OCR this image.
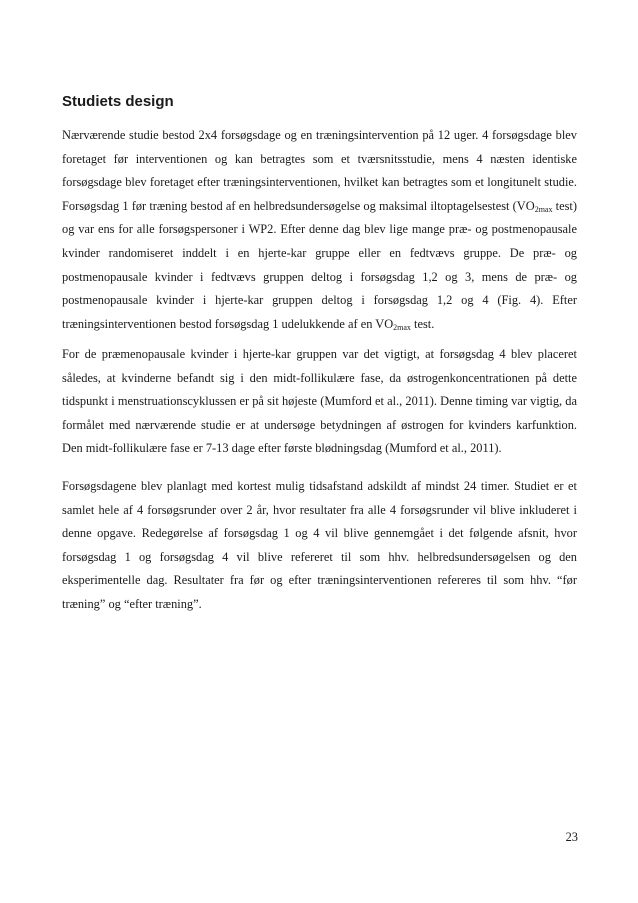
Studiets design

Nærværende studie bestod 2x4 forsøgsdage og en træningsintervention på 12 uger. 4 forsøgsdage blev foretaget før interventionen og kan betragtes som et tværsnitsstudie, mens 4 næsten identiske forsøgsdage blev foretaget efter træningsinterventionen, hvilket kan betragtes som et longitunelt studie. Forsøgsdag 1 før træning bestod af en helbredsundersøgelse og maksimal iltoptagelsestest ($VO_{2max}$ test) og var ens for alle forsøgspersoner i WP2. Efter denne dag blev lige mange præ- og postmenopausale kvinder randomiseret inddelt i en hjerte-kar gruppe eller en fedtvævs gruppe. De præ- og postmenopausale kvinder i fedtvævs gruppen deltog i forsøgsdag 1,2 og 3, mens de præ- og postmenopausale kvinder i hjerte-kar gruppen deltog i forsøgsdag 1,2 og 4 (Fig. 4). Efter træningsinterventionen bestod forsøgsdag 1 udelukkende af en $VO_{2max}$ test.

For de præmenopausale kvinder i hjerte-kar gruppen var det vigtigt, at forsøgsdag 4 blev placeret således, at kvinderne befandt sig i den midt-follikulære fase, da østrogenkoncentrationen på dette tidspunkt i menstruationscyklussen er på sit højeste (Mumford et al., 2011). Denne timing var vigtig, da formålet med nærværende studie er at undersøge betydningen af østrogen for kvinders karfunktion. Den midt-follikulære fase er 7-13 dage efter første blødningsdag (Mumford et al., 2011).

Forsøgsdagene blev planlagt med kortest mulig tidsafstand adskildt af mindst 24 timer. Studiet er et samlet hele af 4 forsøgsrunder over 2 år, hvor resultater fra alle 4 forsøgsrunder vil blive inkluderet i denne opgave. Redegørelse af forsøgsdag 1 og 4 vil blive gennemgået i det følgende afsnit, hvor forsøgsdag 1 og forsøgsdag 4 vil blive refereret til som hhv. helbredsundersøgelsen og den eksperimentelle dag. Resultater fra før og efter træningsinterventionen refereres til som hhv. “før træning” og “efter træning”.

23
